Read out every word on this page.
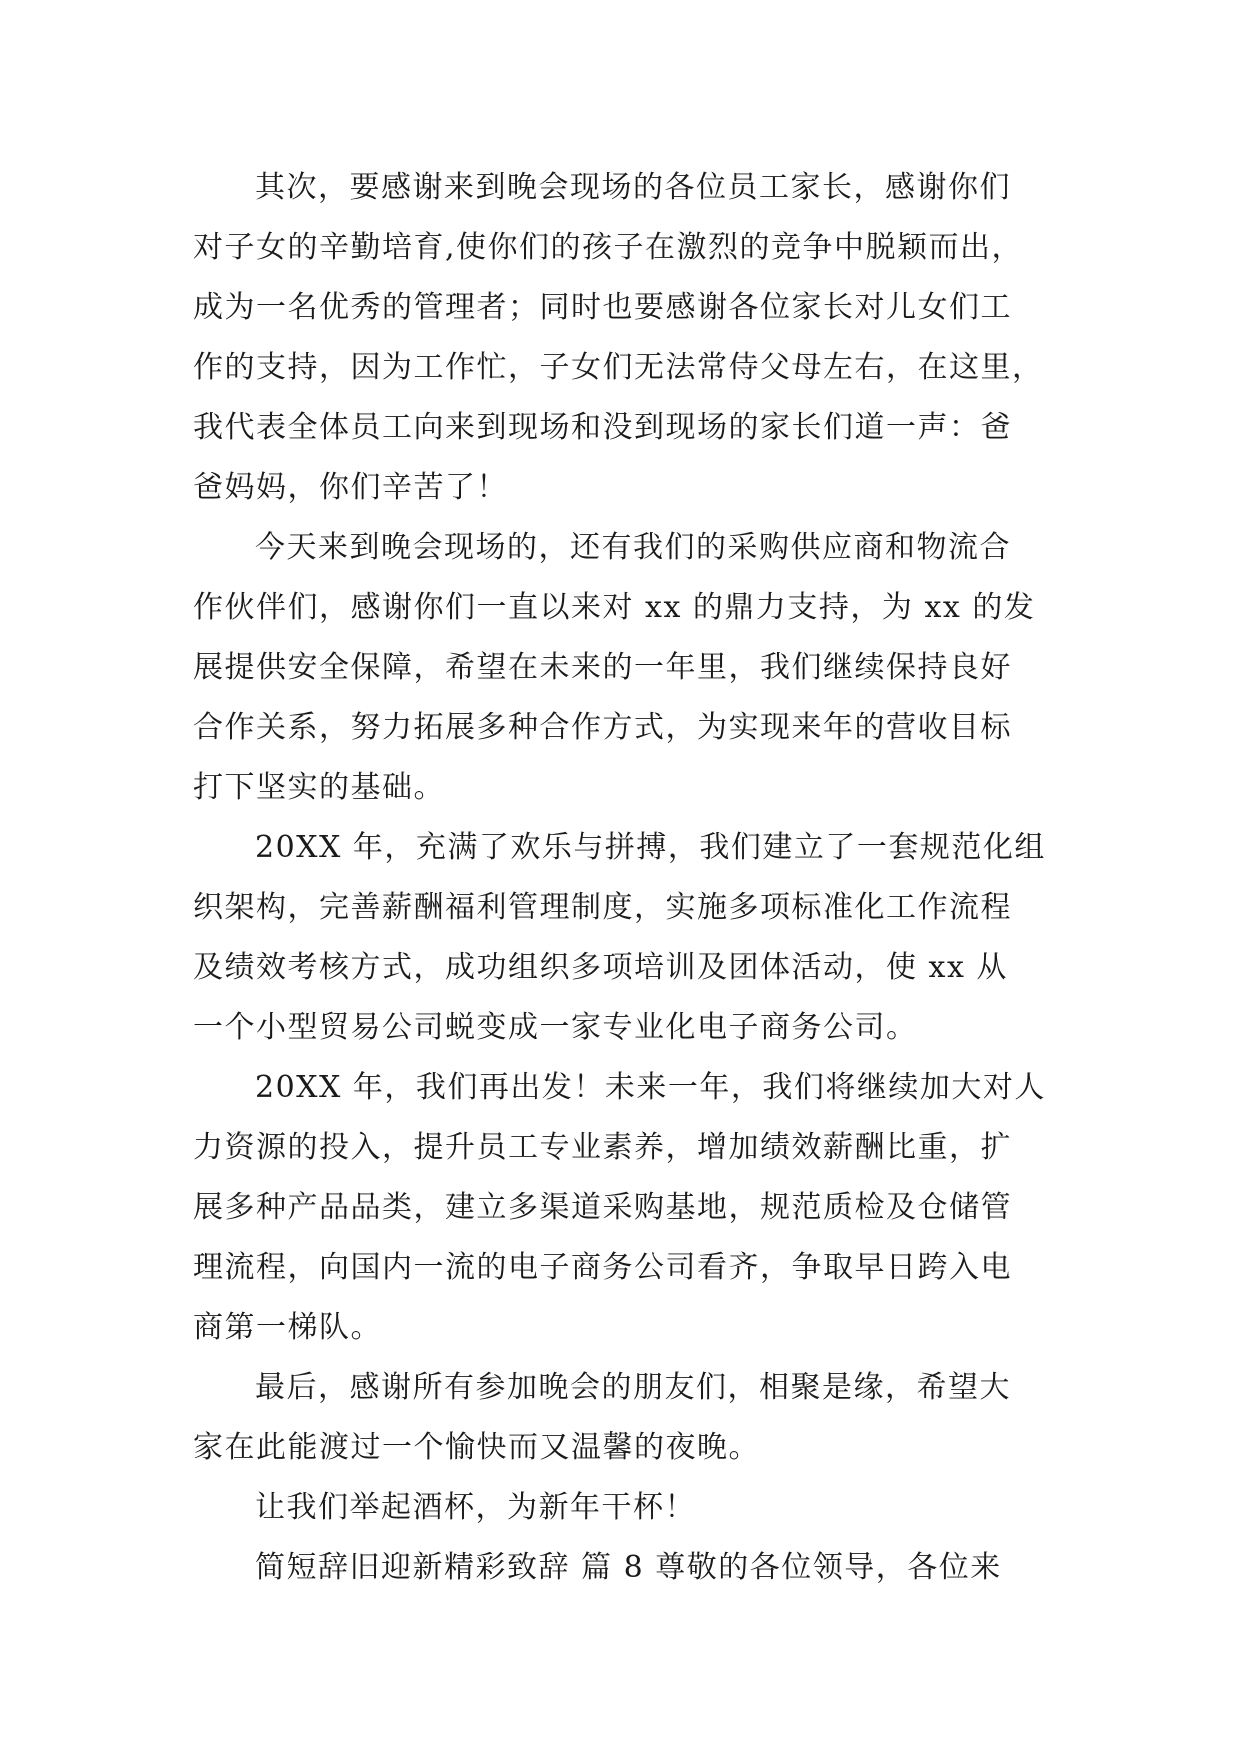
其次，要感谢来到晚会现场的各位员工家长，感谢你们
对子女的辛勤培育,使你们的孩子在激烈的竞争中脱颖而出，
成为一名优秀的管理者；同时也要感谢各位家长对儿女们工
作的支持，因为工作忙，子女们无法常侍父母左右，在这里，
我代表全体员工向来到现场和没到现场的家长们道一声：爸
爸妈妈，你们辛苦了！
今天来到晚会现场的，还有我们的采购供应商和物流合
作伙伴们，感谢你们一直以来对 xx 的鼎力支持，为 xx 的发
展提供安全保障，希望在未来的一年里，我们继续保持良好
合作关系，努力拓展多种合作方式，为实现来年的营收目标
打下坚实的基础。
20XX 年，充满了欢乐与拼搏，我们建立了一套规范化组
织架构，完善薪酬福利管理制度，实施多项标准化工作流程
及绩效考核方式，成功组织多项培训及团体活动，使 xx 从
一个小型贸易公司蜕变成一家专业化电子商务公司。
20XX 年，我们再出发！未来一年，我们将继续加大对人
力资源的投入，提升员工专业素养，增加绩效薪酬比重，扩
展多种产品品类，建立多渠道采购基地，规范质检及仓储管
理流程，向国内一流的电子商务公司看齐，争取早日跨入电
商第一梯队。
最后，感谢所有参加晚会的朋友们，相聚是缘，希望大
家在此能渡过一个愉快而又温馨的夜晚。
让我们举起酒杯，为新年干杯！
简短辞旧迎新精彩致辞 篇 8 尊敬的各位领导，各位来
